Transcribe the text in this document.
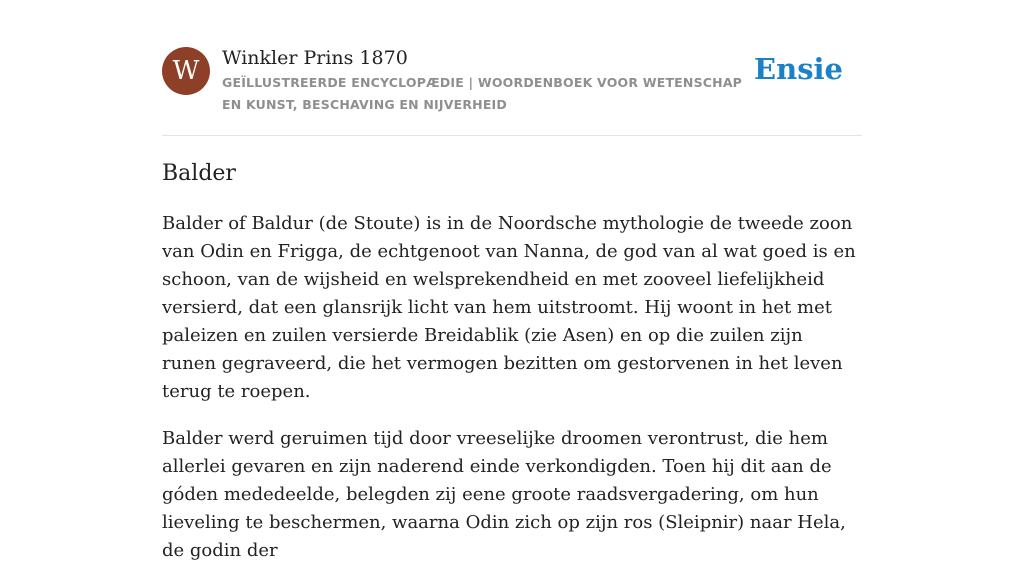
W	Winkler Prins 1870
GEÏLLUSTREERDE ENCYCLOPÆDIE | WOORDENBOEK VOOR WETENSCHAP EN KUNST, BESCHAVING EN NIJVERHEID
Ensie
Balder

Balder of Baldur (de Stoute) is in de Noordsche mythologie de tweede zoon van Odin en Frigga, de echtgenoot van Nanna, de god van al wat goed is en schoon, van de wijsheid en welsprekendheid en met zooveel liefelijkheid versierd, dat een glansrijk licht van hem uitstroomt. Hij woont in het met paleizen en zuilen versierde Breidablik (zie Asen) en op die zuilen zijn runen gegraveerd, die het vermogen bezitten om gestorvenen in het leven terug te roepen.

Balder werd geruimen tijd door vreeselijke droomen verontrust, die hem allerlei gevaren en zijn naderend einde verkondigden. Toen hij dit aan de góden mededeelde, belegden zij eene groote raadsvergadering, om hun lieveling te beschermen, waarna Odin zich op zijn ros (Sleipnir) naar Hela, de godin der
